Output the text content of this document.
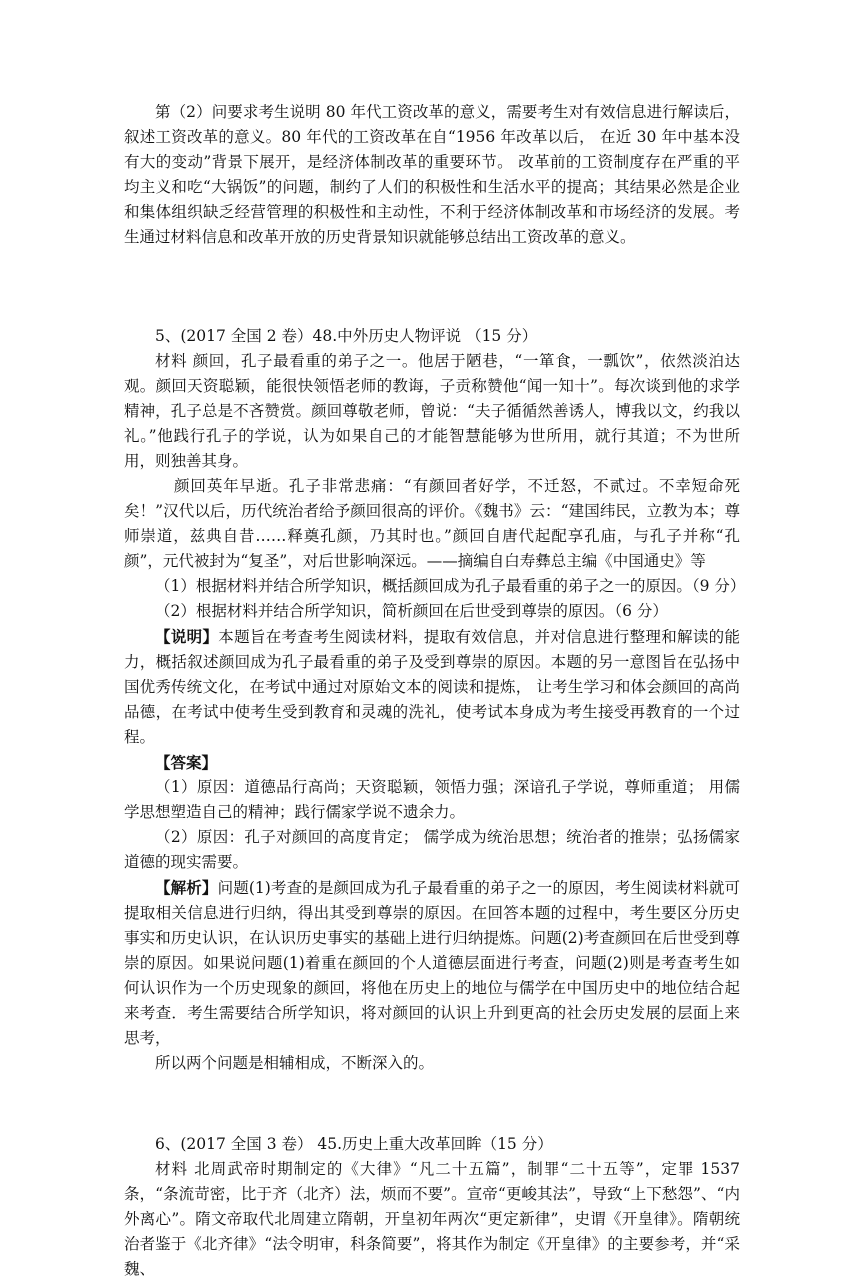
第（2）问要求考生说明 80 年代工资改革的意义，需要考生对有效信息进行解读后，叙述工资改革的意义。80 年代的工资改革在自“1956 年改革以后， 在近 30 年中基本没有大的变动”背景下展开，是经济体制改革的重要环节。 改革前的工资制度存在严重的平均主义和吃“大锅饭”的问题，制约了人们的积极性和生活水平的提高；其结果必然是企业和集体组织缺乏经营管理的积极性和主动性，不利于经济体制改革和市场经济的发展。考生通过材料信息和改革开放的历史背景知识就能够总结出工资改革的意义。

5、(2017 全国 2 卷）48.中外历史人物评说 （15 分）

材料 颜回，孔子最看重的弟子之一。他居于陋巷，“一箪食，一瓢饮”，依然淡泊达观。颜回天资聪颖，能很快领悟老师的教诲，子贡称赞他“闻一知十”。每次谈到他的求学精神，孔子总是不吝赞赏。颜回尊敬老师，曾说：“夫子循循然善诱人，博我以文，约我以礼。”他践行孔子的学说，认为如果自己的才能智慧能够为世所用，就行其道；不为世所用，则独善其身。

颜回英年早逝。孔子非常悲痛：“有颜回者好学，不迁怒，不贰过。不幸短命死矣！”汉代以后，历代统治者给予颜回很高的评价。《魏书》云：“建国纬民，立教为本；尊师崇道，兹典自昔……释奠孔颜，乃其时也。”颜回自唐代起配享孔庙，与孔子并称“孔颜”，元代被封为“复圣”，对后世影响深远。——摘编自白寿彝总主编《中国通史》等

（1）根据材料并结合所学知识，概括颜回成为孔子最看重的弟子之一的原因。（9 分）

（2）根据材料并结合所学知识，简析颜回在后世受到尊崇的原因。（6 分）

【说明】本题旨在考查考生阅读材料，提取有效信息，并对信息进行整理和解读的能力，概括叙述颜回成为孔子最看重的弟子及受到尊崇的原因。本题的另一意图旨在弘扬中国优秀传统文化，在考试中通过对原始文本的阅读和提炼， 让考生学习和体会颜回的高尚品德，在考试中使考生受到教育和灵魂的洗礼，使考试本身成为考生接受再教育的一个过程。

【答案】

（1）原因：道德品行高尚；天资聪颖，领悟力强；深谙孔子学说，尊师重道； 用儒学思想塑造自己的精神；践行儒家学说不遗余力。

（2）原因：孔子对颜回的高度肯定； 儒学成为统治思想；统治者的推崇；弘扬儒家道德的现实需要。

【解析】问题(1)考查的是颜回成为孔子最看重的弟子之一的原因，考生阅读材料就可提取相关信息进行归纳，得出其受到尊崇的原因。在回答本题的过程中，考生要区分历史事实和历史认识，在认识历史事实的基础上进行归纳提炼。问题(2)考查颜回在后世受到尊崇的原因。如果说问题(1)着重在颜回的个人道德层面进行考查，问题(2)则是考查考生如何认识作为一个历史现象的颜回，将他在历史上的地位与儒学在中国历史中的地位结合起来考查．考生需要结合所学知识，将对颜回的认识上升到更高的社会历史发展的层面上来思考，

所以两个问题是相辅相成，不断深入的。

6、(2017 全国 3 卷） 45.历史上重大改革回眸（15 分）

材料 北周武帝时期制定的《大律》“凡二十五篇”，制罪“二十五等”，定罪 1537 条，“条流苛密，比于齐（北齐）法，烦而不要”。宣帝“更峻其法”，导致“上下愁怨”、“内外离心”。隋文帝取代北周建立隋朝，开皇初年两次“更定新律”，史谓《开皇律》。隋朝统治者鉴于《北齐律》“法令明审，科条简要”，将其作为制定《开皇律》的主要参考，并“采魏、
